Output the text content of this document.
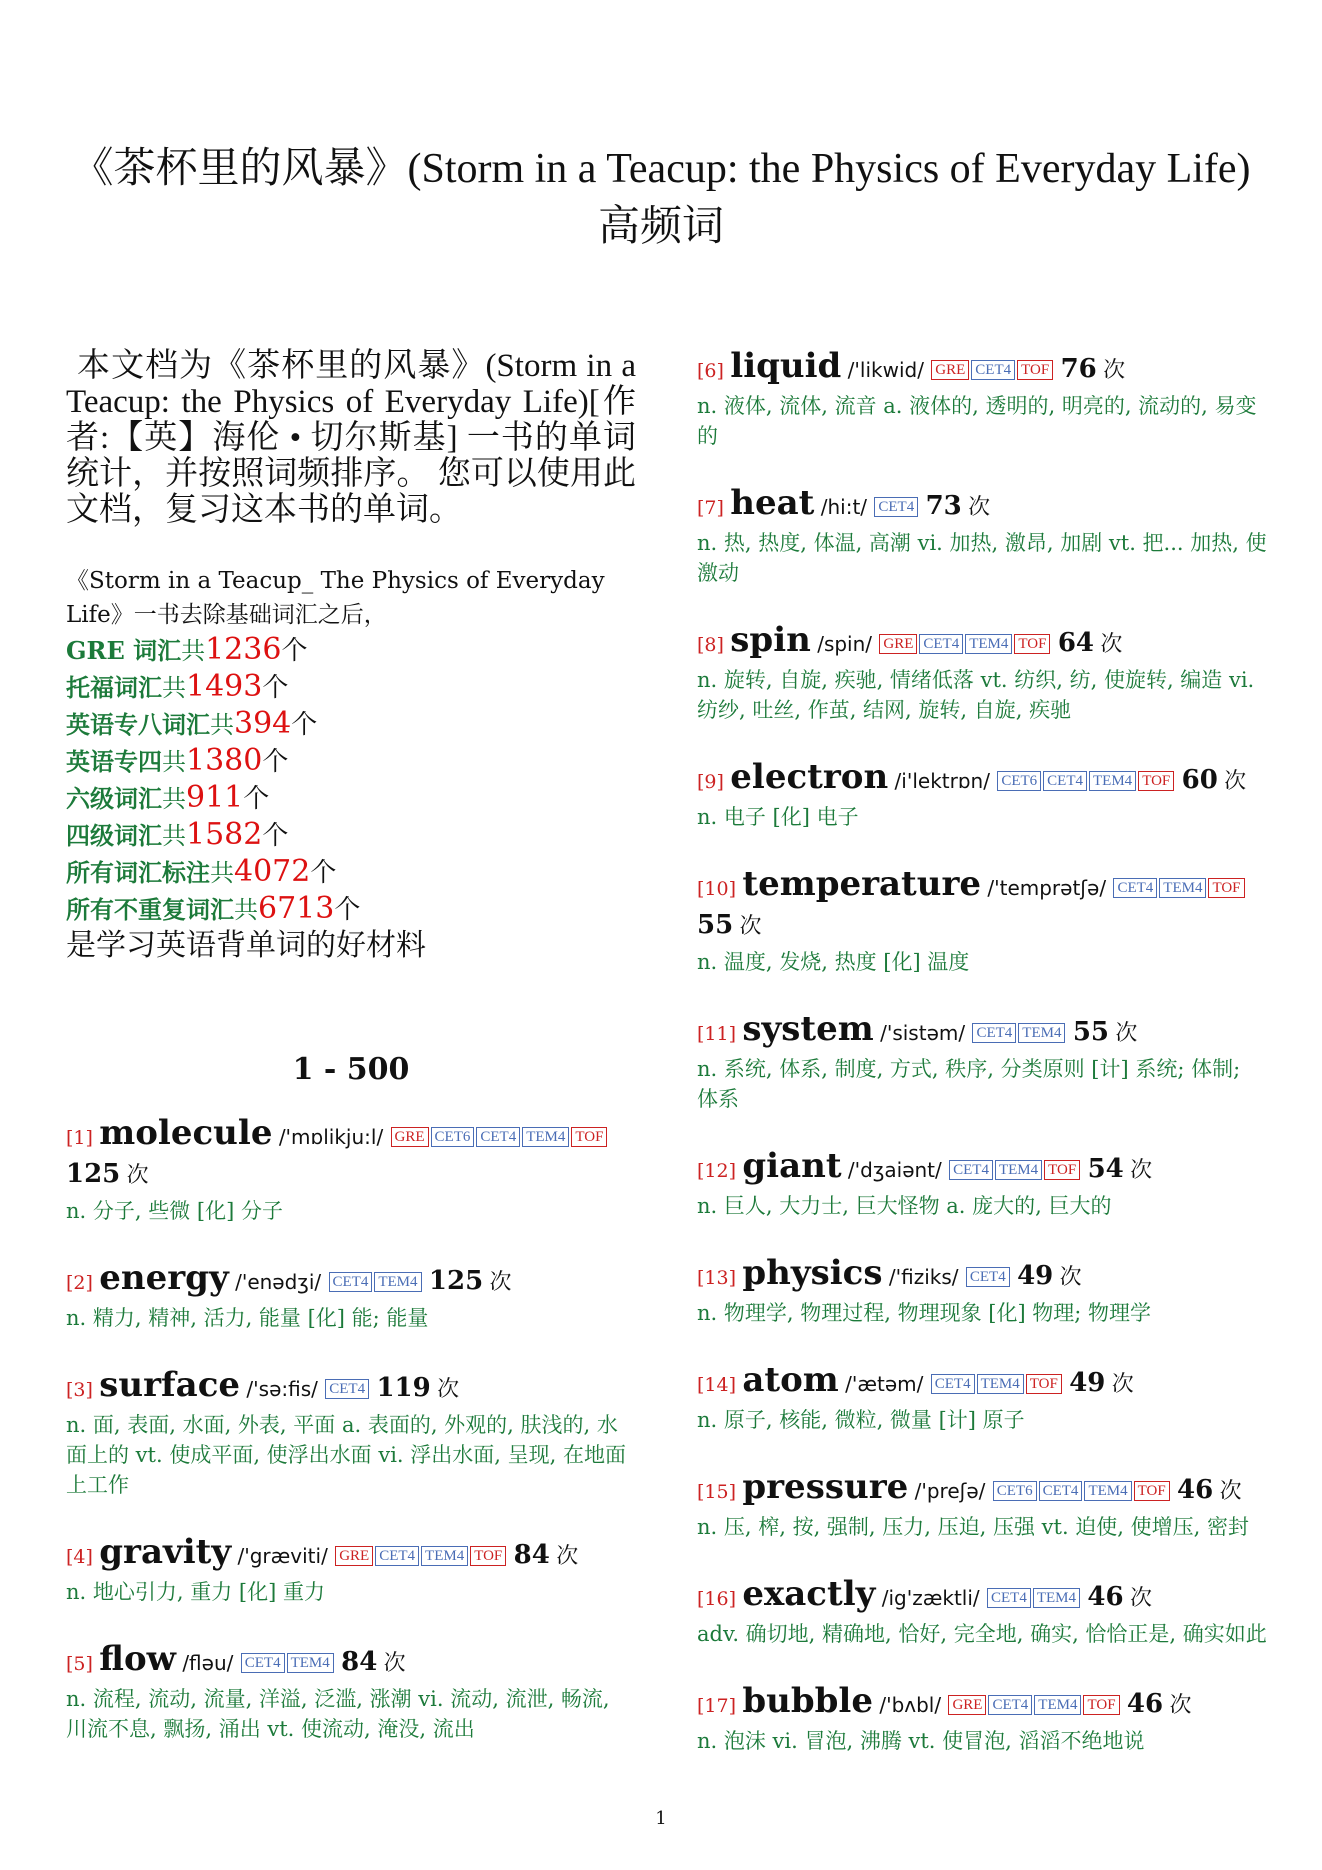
《茶杯里的风暴》(Storm in a Teacup: the Physics of Everyday Life)
高频词
本文档为《茶杯里的风暴》(Storm in a Teacup: the Physics of Everyday Life)[作者:【英】海伦 • 切尔斯基] 一书的单词统计，并按照词频排序。 您可以使用此文档，复习这本书的单词。
《Storm in a Teacup_ The Physics of Everyday Life》一书去除基础词汇之后，
GRE 词汇共1236个
托福词汇共1493个
英语专八词汇共394个
英语专四共1380个
六级词汇共911个
四级词汇共1582个
所有词汇标注共4072个
所有不重复词汇共6713个
是学习英语背单词的好材料
1 - 500
[1] molecule /'mɒlikju:l/ GRE CET6 CET4 TEM4 TOF 125 次
n. 分子, 些微 [化] 分子
[2] energy /'enədʒi/ CET4 TEM4 125 次
n. 精力, 精神, 活力, 能量 [化] 能; 能量
[3] surface /'sə:fis/ CET4 119 次
n. 面, 表面, 水面, 外表, 平面 a. 表面的, 外观的, 肤浅的, 水面上的 vt. 使成平面, 使浮出水面 vi. 浮出水面, 呈现, 在地面上工作
[4] gravity /'græviti/ GRE CET4 TEM4 TOF 84 次
n. 地心引力, 重力 [化] 重力
[5] flow /fləu/ CET4 TEM4 84 次
n. 流程, 流动, 流量, 洋溢, 泛滥, 涨潮 vi. 流动, 流泄, 畅流, 川流不息, 飘扬, 涌出 vt. 使流动, 淹没, 流出
[6] liquid /'likwid/ GRE CET4 TOF 76 次
n. 液体, 流体, 流音 a. 液体的, 透明的, 明亮的, 流动的, 易变的
[7] heat /hi:t/ CET4 73 次
n. 热, 热度, 体温, 高潮 vi. 加热, 激昂, 加剧 vt. 把... 加热, 使激动
[8] spin /spin/ GRE CET4 TEM4 TOF 64 次
n. 旋转, 自旋, 疾驰, 情绪低落 vt. 纺织, 纺, 使旋转, 编造 vi. 纺纱, 吐丝, 作茧, 结网, 旋转, 自旋, 疾驰
[9] electron /i'lektrɒn/ CET6 CET4 TEM4 TOF 60 次
n. 电子 [化] 电子
[10] temperature /'temprətʃə/ CET4 TEM4 TOF 55 次
n. 温度, 发烧, 热度 [化] 温度
[11] system /'sistəm/ CET4 TEM4 55 次
n. 系统, 体系, 制度, 方式, 秩序, 分类原则 [计] 系统; 体制; 体系
[12] giant /'dʒaiənt/ CET4 TEM4 TOF 54 次
n. 巨人, 大力士, 巨大怪物 a. 庞大的, 巨大的
[13] physics /'fiziks/ CET4 49 次
n. 物理学, 物理过程, 物理现象 [化] 物理; 物理学
[14] atom /'ætəm/ CET4 TEM4 TOF 49 次
n. 原子, 核能, 微粒, 微量 [计] 原子
[15] pressure /'preʃə/ CET6 CET4 TEM4 TOF 46 次
n. 压, 榨, 按, 强制, 压力, 压迫, 压强 vt. 迫使, 使增压, 密封
[16] exactly /ig'zæktli/ CET4 TEM4 46 次
adv. 确切地, 精确地, 恰好, 完全地, 确实, 恰恰正是, 确实如此
[17] bubble /'bʌbl/ GRE CET4 TEM4 TOF 46 次
n. 泡沫 vi. 冒泡, 沸腾 vt. 使冒泡, 滔滔不绝地说
1
